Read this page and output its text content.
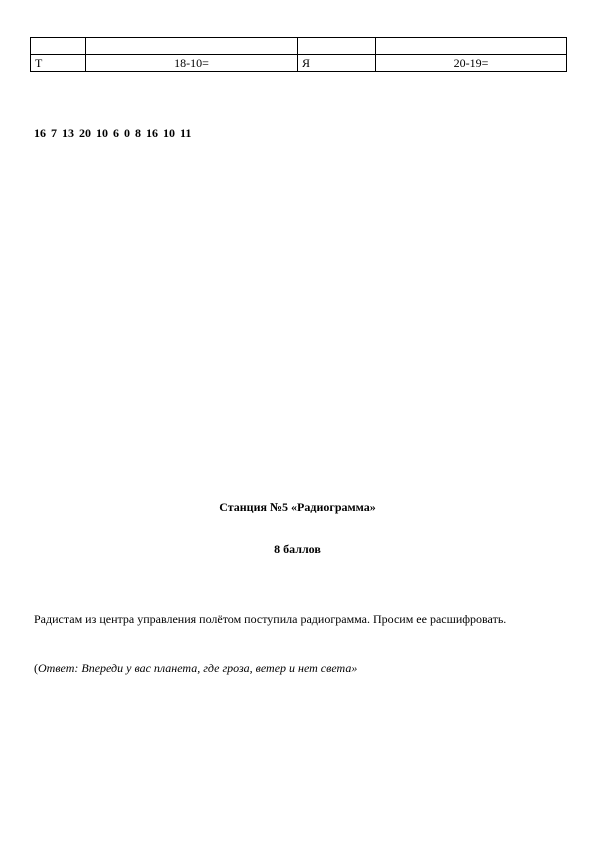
Т	18-10=	Я	20-19=
16 7 13 20 10 6 0 8 16 10 11
Станция №5 «Радиограмма»
8 баллов
Радистам из центра управления полётом поступила радиограмма. Просим ее расшифровать.
(Ответ: Впереди у вас планета, где гроза, ветер и нет света»
